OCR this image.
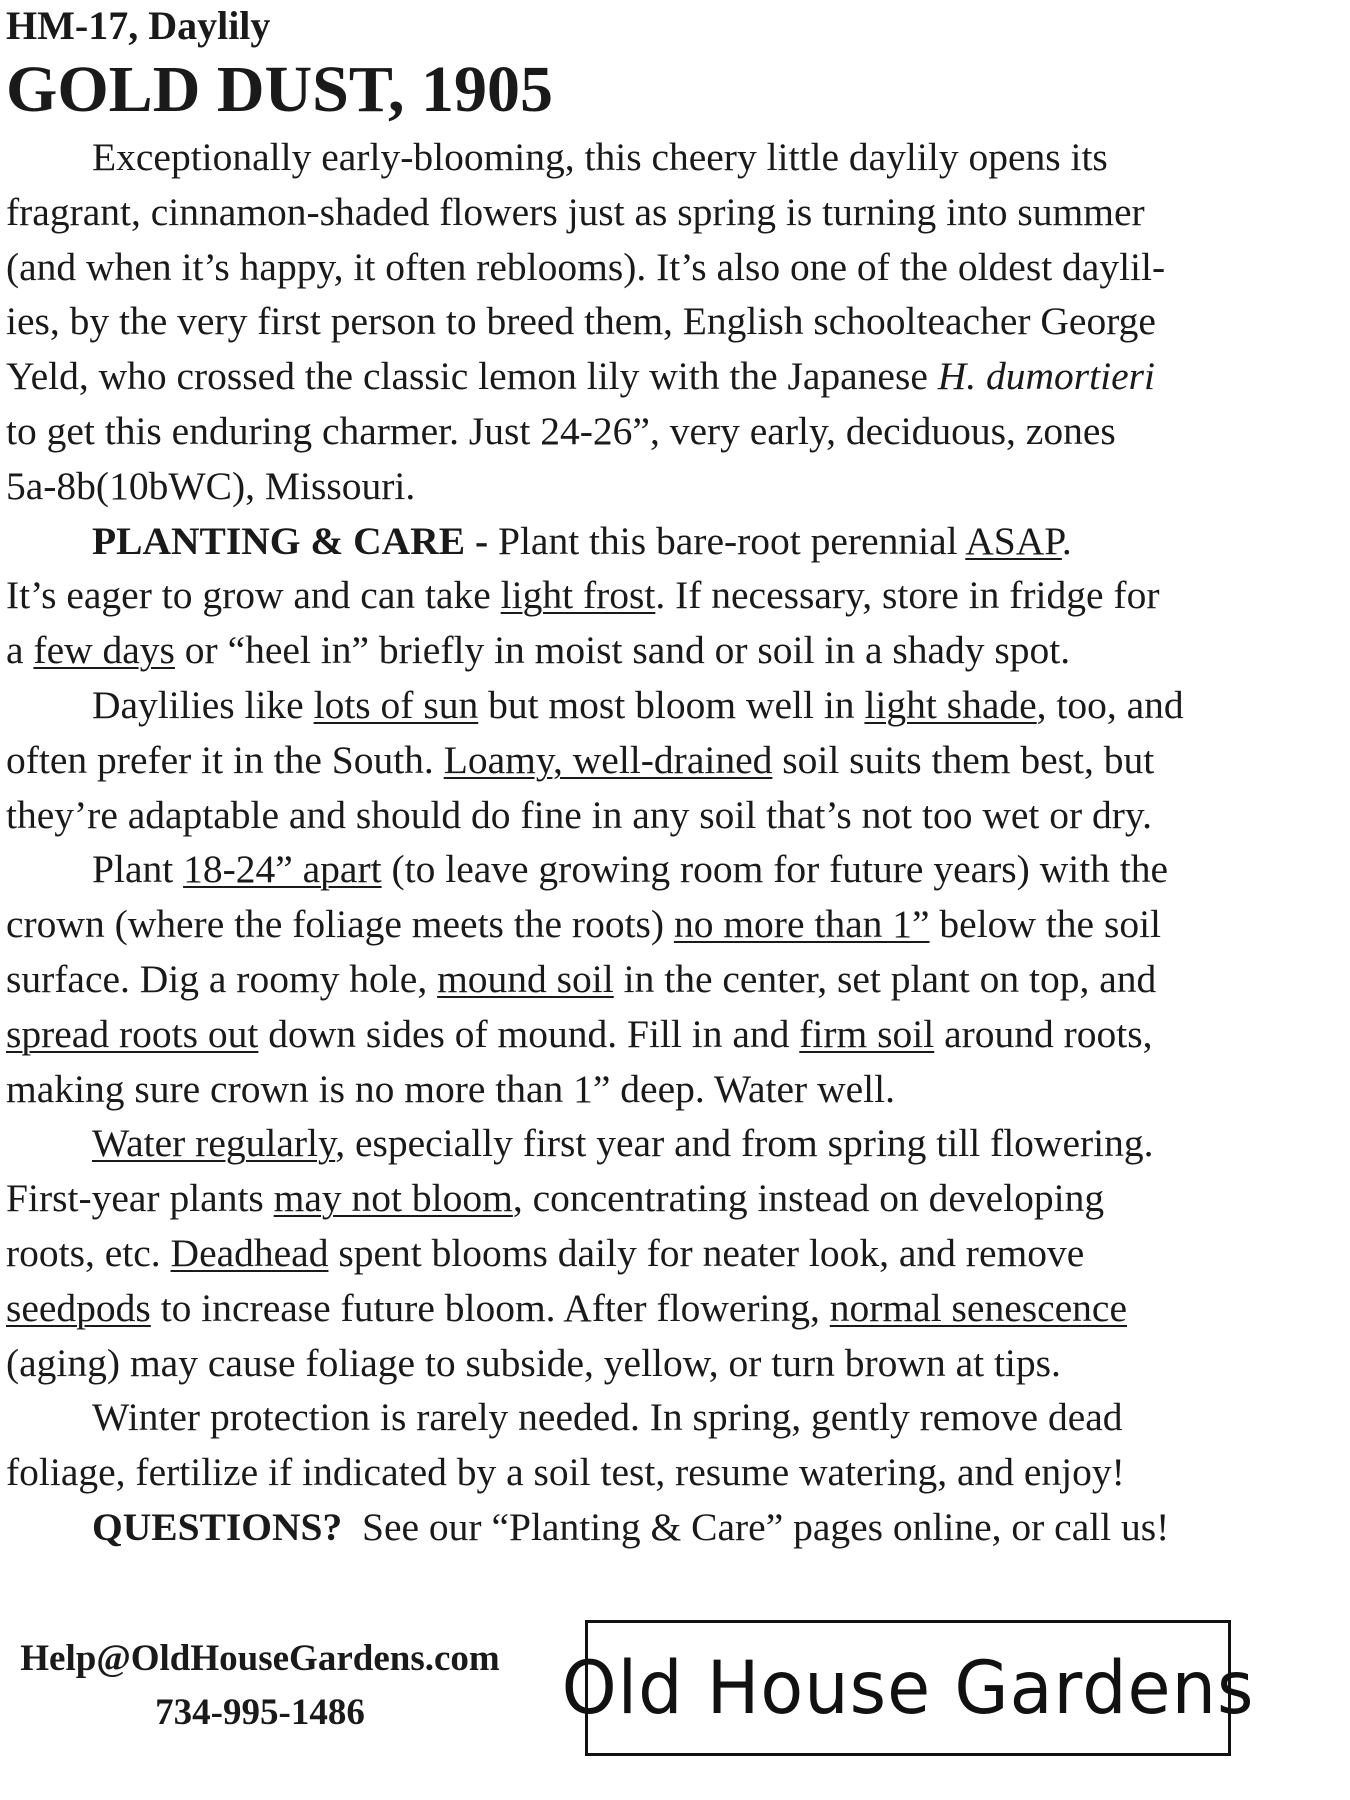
HM-17, Daylily
GOLD DUST, 1905
Exceptionally early-blooming, this cheery little daylily opens its
fragrant, cinnamon-shaded flowers just as spring is turning into summer
(and when it’s happy, it often reblooms). It’s also one of the oldest daylil-
ies, by the very first person to breed them, English schoolteacher George
Yeld, who crossed the classic lemon lily with the Japanese H. dumortieri
to get this enduring charmer. Just 24-26”, very early, deciduous, zones
5a-8b(10bWC), Missouri.
PLANTING & CARE - Plant this bare-root perennial ASAP.
It’s eager to grow and can take light frost. If necessary, store in fridge for
a few days or “heel in” briefly in moist sand or soil in a shady spot.
Daylilies like lots of sun but most bloom well in light shade, too, and
often prefer it in the South. Loamy, well-drained soil suits them best, but
they’re adaptable and should do fine in any soil that’s not too wet or dry.
Plant 18-24” apart (to leave growing room for future years) with the
crown (where the foliage meets the roots) no more than 1” below the soil
surface. Dig a roomy hole, mound soil in the center, set plant on top, and
spread roots out down sides of mound. Fill in and firm soil around roots,
making sure crown is no more than 1” deep. Water well.
Water regularly, especially first year and from spring till flowering.
First-year plants may not bloom, concentrating instead on developing
roots, etc. Deadhead spent blooms daily for neater look, and remove
seedpods to increase future bloom. After flowering, normal senescence
(aging) may cause foliage to subside, yellow, or turn brown at tips.
Winter protection is rarely needed. In spring, gently remove dead
foliage, fertilize if indicated by a soil test, resume watering, and enjoy!
QUESTIONS?  See our “Planting & Care” pages online, or call us!
Help@OldHouseGardens.com
734-995-1486	Old House Gardens
